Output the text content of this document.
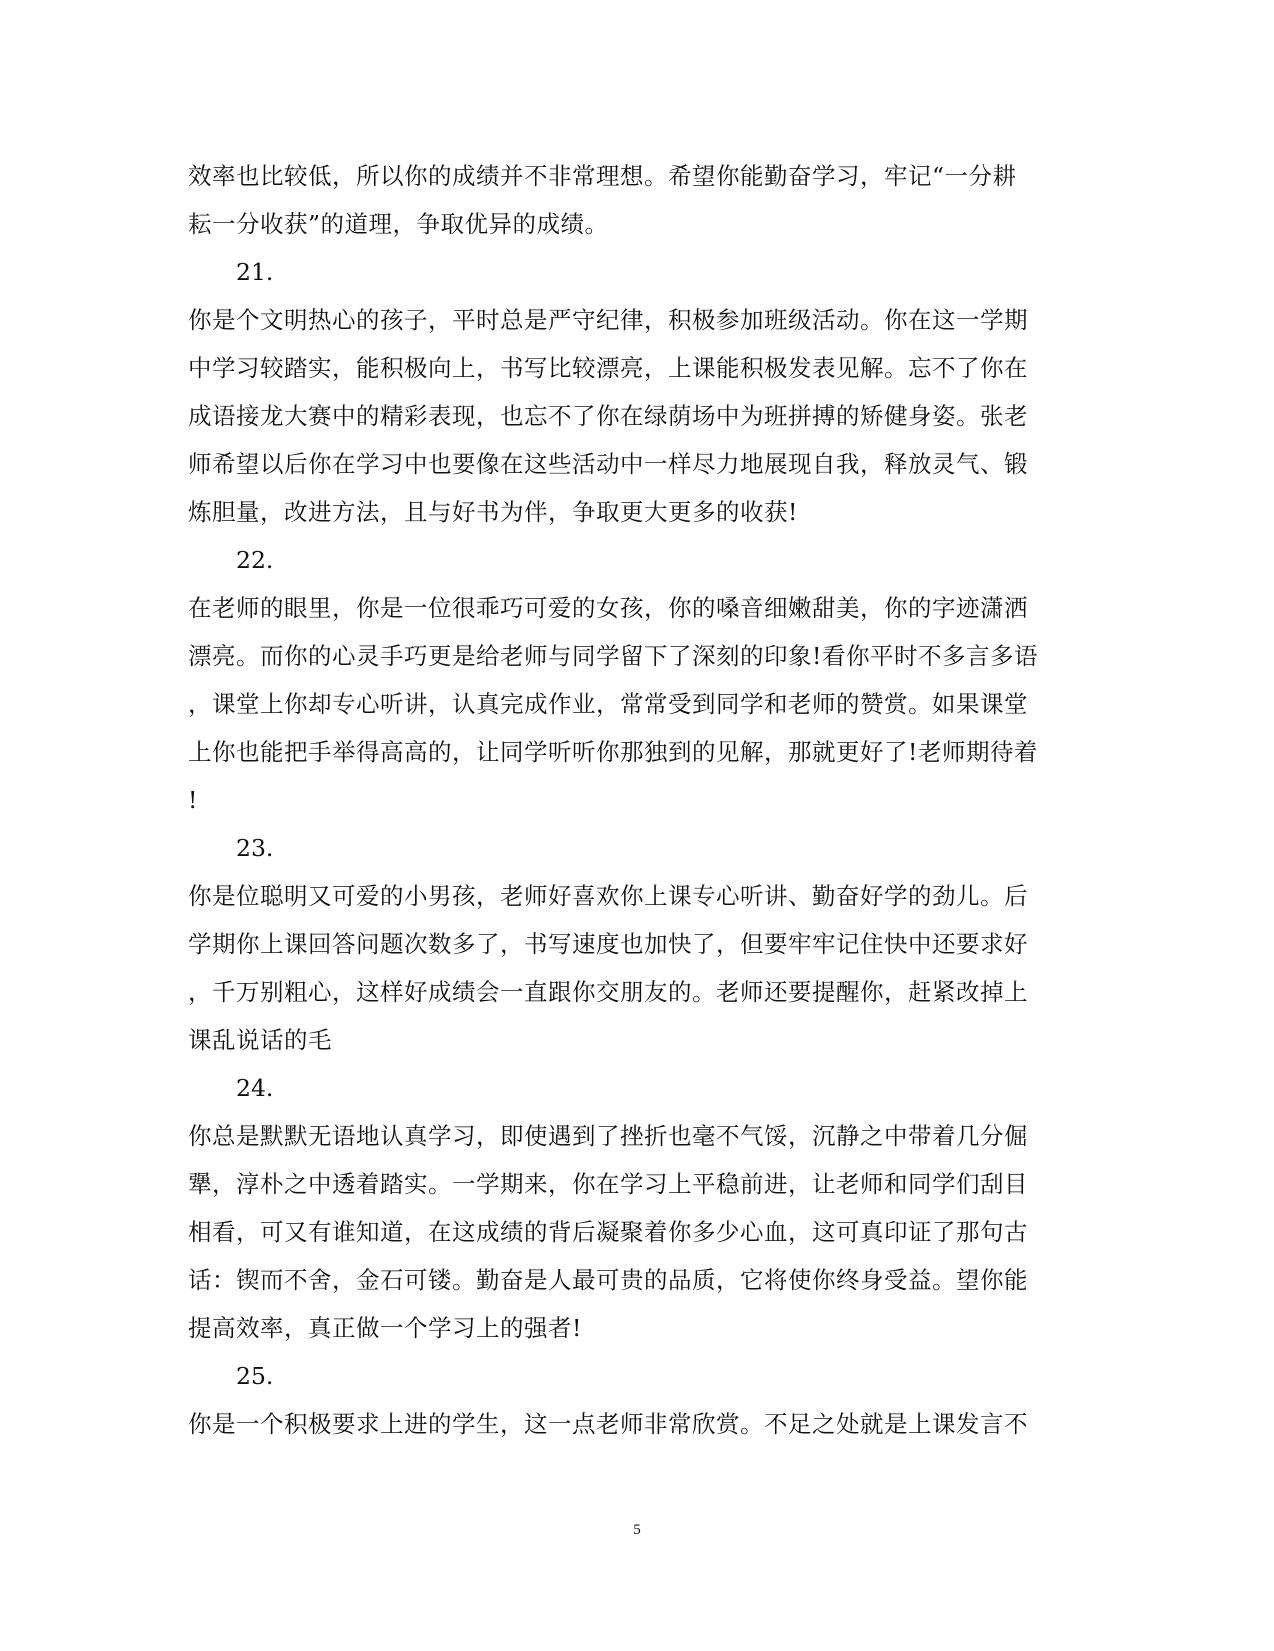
效率也比较低，所以你的成绩并不非常理想。希望你能勤奋学习，牢记“一分耕
耘一分收获”的道理，争取优异的成绩。
21.
你是个文明热心的孩子，平时总是严守纪律，积极参加班级活动。你在这一学期
中学习较踏实，能积极向上，书写比较漂亮，上课能积极发表见解。忘不了你在
成语接龙大赛中的精彩表现，也忘不了你在绿荫场中为班拼搏的矫健身姿。张老
师希望以后你在学习中也要像在这些活动中一样尽力地展现自我，释放灵气、锻
炼胆量，改进方法，且与好书为伴，争取更大更多的收获!
22.
在老师的眼里，你是一位很乖巧可爱的女孩，你的嗓音细嫩甜美，你的字迹潇洒
漂亮。而你的心灵手巧更是给老师与同学留下了深刻的印象!看你平时不多言多语
，课堂上你却专心听讲，认真完成作业，常常受到同学和老师的赞赏。如果课堂
上你也能把手举得高高的，让同学听听你那独到的见解，那就更好了!老师期待着
!
23.
你是位聪明又可爱的小男孩，老师好喜欢你上课专心听讲、勤奋好学的劲儿。后
学期你上课回答问题次数多了，书写速度也加快了，但要牢牢记住快中还要求好
，千万别粗心，这样好成绩会一直跟你交朋友的。老师还要提醒你，赶紧改掉上
课乱说话的毛
24.
你总是默默无语地认真学习，即使遇到了挫折也毫不气馁，沉静之中带着几分倔
犟，淳朴之中透着踏实。一学期来，你在学习上平稳前进，让老师和同学们刮目
相看，可又有谁知道，在这成绩的背后凝聚着你多少心血，这可真印证了那句古
话：锲而不舍，金石可镂。勤奋是人最可贵的品质，它将使你终身受益。望你能
提高效率，真正做一个学习上的强者!
25.
你是一个积极要求上进的学生，这一点老师非常欣赏。不足之处就是上课发言不
5
